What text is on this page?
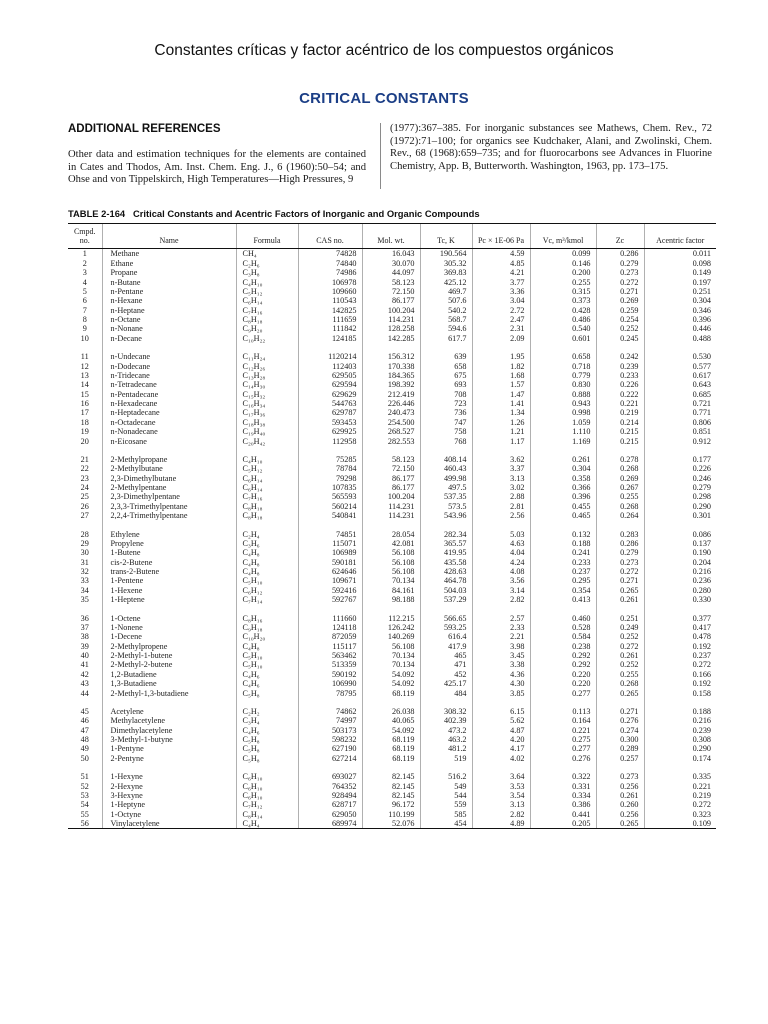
Constantes críticas y factor acéntrico de los compuestos orgánicos
CRITICAL CONSTANTS
ADDITIONAL REFERENCES
Other data and estimation techniques for the elements are contained in Cates and Thodos, Am. Inst. Chem. Eng. J., 6 (1960):50–54; and Ohse and von Tippelskirch, High Temperatures—High Pressures, 9
(1977):367–385. For inorganic substances see Mathews, Chem. Rev., 72 (1972):71–100; for organics see Kudchaker, Alani, and Zwolinski, Chem. Rev., 68 (1968):659–735; and for fluorocarbons see Advances in Fluorine Chemistry, App. B, Butterworth. Washington, 1963, pp. 173–175.
TABLE 2-164 Critical Constants and Acentric Factors of Inorganic and Organic Compounds
Cmpd. no.	Name	Formula	CAS no.	Mol. wt.	Tc, K	Pc × 1E-06 Pa	Vc, m³/kmol	Zc	Acentric factor
1	Methane	CH₄	74828	16.043	190.564	4.59	0.099	0.286	0.011
2	Ethane	C₂H₆	74840	30.070	305.32	4.85	0.146	0.279	0.098
3	Propane	C₃H₈	74986	44.097	369.83	4.21	0.200	0.273	0.149
4	n-Butane	C₄H₁₀	106978	58.123	425.12	3.77	0.255	0.272	0.197
5	n-Pentane	C₅H₁₂	109660	72.150	469.7	3.36	0.315	0.271	0.251
6	n-Hexane	C₆H₁₄	110543	86.177	507.6	3.04	0.373	0.269	0.304
7	n-Heptane	C₇H₁₆	142825	100.204	540.2	2.72	0.428	0.259	0.346
8	n-Octane	C₈H₁₈	111659	114.231	568.7	2.47	0.486	0.254	0.396
9	n-Nonane	C₉H₂₀	111842	128.258	594.6	2.31	0.540	0.252	0.446
10	n-Decane	C₁₀H₂₂	124185	142.285	617.7	2.09	0.601	0.245	0.488
11	n-Undecane	C₁₁H₂₄	1120214	156.312	639	1.95	0.658	0.242	0.530
12	n-Dodecane	C₁₂H₂₆	112403	170.338	658	1.82	0.718	0.239	0.577
13	n-Tridecane	C₁₃H₂₈	629505	184.365	675	1.68	0.779	0.233	0.617
14	n-Tetradecane	C₁₄H₃₀	629594	198.392	693	1.57	0.830	0.226	0.643
15	n-Pentadecane	C₁₅H₃₂	629629	212.419	708	1.47	0.888	0.222	0.685
16	n-Hexadecane	C₁₆H₃₄	544763	226.446	723	1.41	0.943	0.221	0.721
17	n-Heptadecane	C₁₇H₃₆	629787	240.473	736	1.34	0.998	0.219	0.771
18	n-Octadecane	C₁₈H₃₈	593453	254.500	747	1.26	1.059	0.214	0.806
19	n-Nonadecane	C₁₉H₄₀	629925	268.527	758	1.21	1.110	0.215	0.851
20	n-Eicosane	C₂₀H₄₂	112958	282.553	768	1.17	1.169	0.215	0.912
21	2-Methylpropane	C₄H₁₀	75285	58.123	408.14	3.62	0.261	0.278	0.177
22	2-Methylbutane	C₅H₁₂	78784	72.150	460.43	3.37	0.304	0.268	0.226
23	2,3-Dimethylbutane	C₆H₁₄	79298	86.177	499.98	3.13	0.358	0.269	0.246
24	2-Methylpentane	C₆H₁₄	107835	86.177	497.5	3.02	0.366	0.267	0.279
25	2,3-Dimethylpentane	C₇H₁₆	565593	100.204	537.35	2.88	0.396	0.255	0.298
26	2,3,3-Trimethylpentane	C₈H₁₈	560214	114.231	573.5	2.81	0.455	0.268	0.290
27	2,2,4-Trimethylpentane	C₈H₁₈	540841	114.231	543.96	2.56	0.465	0.264	0.301
28	Ethylene	C₂H₄	74851	28.054	282.34	5.03	0.132	0.283	0.086
29	Propylene	C₃H₆	115071	42.081	365.57	4.63	0.188	0.286	0.137
30	1-Butene	C₄H₈	106989	56.108	419.95	4.04	0.241	0.279	0.190
31	cis-2-Butene	C₄H₈	590181	56.108	435.58	4.24	0.233	0.273	0.204
32	trans-2-Butene	C₄H₈	624646	56.108	428.63	4.08	0.237	0.272	0.216
33	1-Pentene	C₅H₁₀	109671	70.134	464.78	3.56	0.295	0.271	0.236
34	1-Hexene	C₆H₁₂	592416	84.161	504.03	3.14	0.354	0.265	0.280
35	1-Heptene	C₇H₁₄	592767	98.188	537.29	2.82	0.413	0.261	0.330
36	1-Octene	C₈H₁₆	111660	112.215	566.65	2.57	0.460	0.251	0.377
37	1-Nonene	C₉H₁₈	124118	126.242	593.25	2.33	0.528	0.249	0.417
38	1-Decene	C₁₀H₂₀	872059	140.269	616.4	2.21	0.584	0.252	0.478
39	2-Methylpropene	C₄H₈	115117	56.108	417.9	3.98	0.238	0.272	0.192
40	2-Methyl-1-butene	C₅H₁₀	563462	70.134	465	3.45	0.292	0.261	0.237
41	2-Methyl-2-butene	C₅H₁₀	513359	70.134	471	3.38	0.292	0.252	0.272
42	1,2-Butadiene	C₄H₆	590192	54.092	452	4.36	0.220	0.255	0.166
43	1,3-Butadiene	C₄H₆	106990	54.092	425.17	4.30	0.220	0.268	0.192
44	2-Methyl-1,3-butadiene	C₅H₈	78795	68.119	484	3.85	0.277	0.265	0.158
45	Acetylene	C₂H₂	74862	26.038	308.32	6.15	0.113	0.271	0.188
46	Methylacetylene	C₃H₄	74997	40.065	402.39	5.62	0.164	0.276	0.216
47	Dimethylacetylene	C₄H₆	503173	54.092	473.2	4.87	0.221	0.274	0.239
48	3-Methyl-1-butyne	C₅H₈	598232	68.119	463.2	4.20	0.275	0.300	0.308
49	1-Pentyne	C₅H₈	627190	68.119	481.2	4.17	0.277	0.289	0.290
50	2-Pentyne	C₅H₈	627214	68.119	519	4.02	0.276	0.257	0.174
51	1-Hexyne	C₆H₁₀	693027	82.145	516.2	3.64	0.322	0.273	0.335
52	2-Hexyne	C₆H₁₀	764352	82.145	549	3.53	0.331	0.256	0.221
53	3-Hexyne	C₆H₁₀	928494	82.145	544	3.54	0.334	0.261	0.219
54	1-Heptyne	C₇H₁₂	628717	96.172	559	3.13	0.386	0.260	0.272
55	1-Octyne	C₈H₁₄	629050	110.199	585	2.82	0.441	0.256	0.323
56	Vinylacetylene	C₄H₄	689974	52.076	454	4.89	0.205	0.265	0.109
